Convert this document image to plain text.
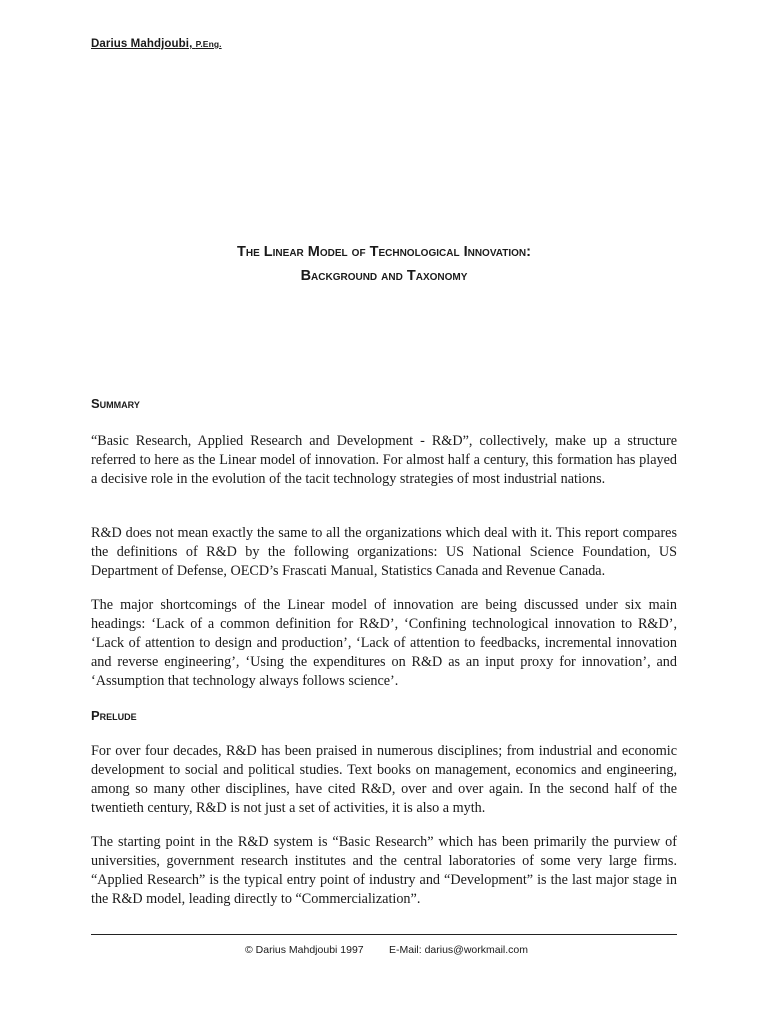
Darius Mahdjoubi, P.Eng.
The Linear Model of Technological Innovation:
Background and Taxonomy
Summary

“Basic Research, Applied Research and Development - R&D”, collectively, make up a structure referred to here as the Linear model of innovation. For almost half a century, this formation has played a decisive role in the evolution of the tacit technology strategies of most industrial nations.

R&D does not mean exactly the same to all the organizations which deal with it. This report compares the definitions of R&D by the following organizations: US National Science Foundation, US Department of Defense, OECD’s Frascati Manual, Statistics Canada and Revenue Canada.

The major shortcomings of the Linear model of innovation are being discussed under six main headings: ‘Lack of a common definition for R&D’, ‘Confining technological innovation to R&D’, ‘Lack of attention to design and production’, ‘Lack of attention to feedbacks, incremental innovation and reverse engineering’, ‘Using the expenditures on R&D as an input proxy for innovation’, and ‘Assumption that technology always follows science’.

Prelude

For over four decades, R&D has been praised in numerous disciplines; from industrial and economic development to social and political studies. Text books on management, economics and engineering, among so many other disciplines, have cited R&D, over and over again. In the second half of the twentieth century, R&D is not just a set of activities, it is also a myth.

The starting point in the R&D system is “Basic Research” which has been primarily the purview of universities, government research institutes and the central laboratories of some very large firms. “Applied Research” is the typical entry point of industry and “Development” is the last major stage in the R&D model, leading directly to “Commercialization”.

© Darius Mahdjoubi 1997 E-Mail: darius@workmail.com
